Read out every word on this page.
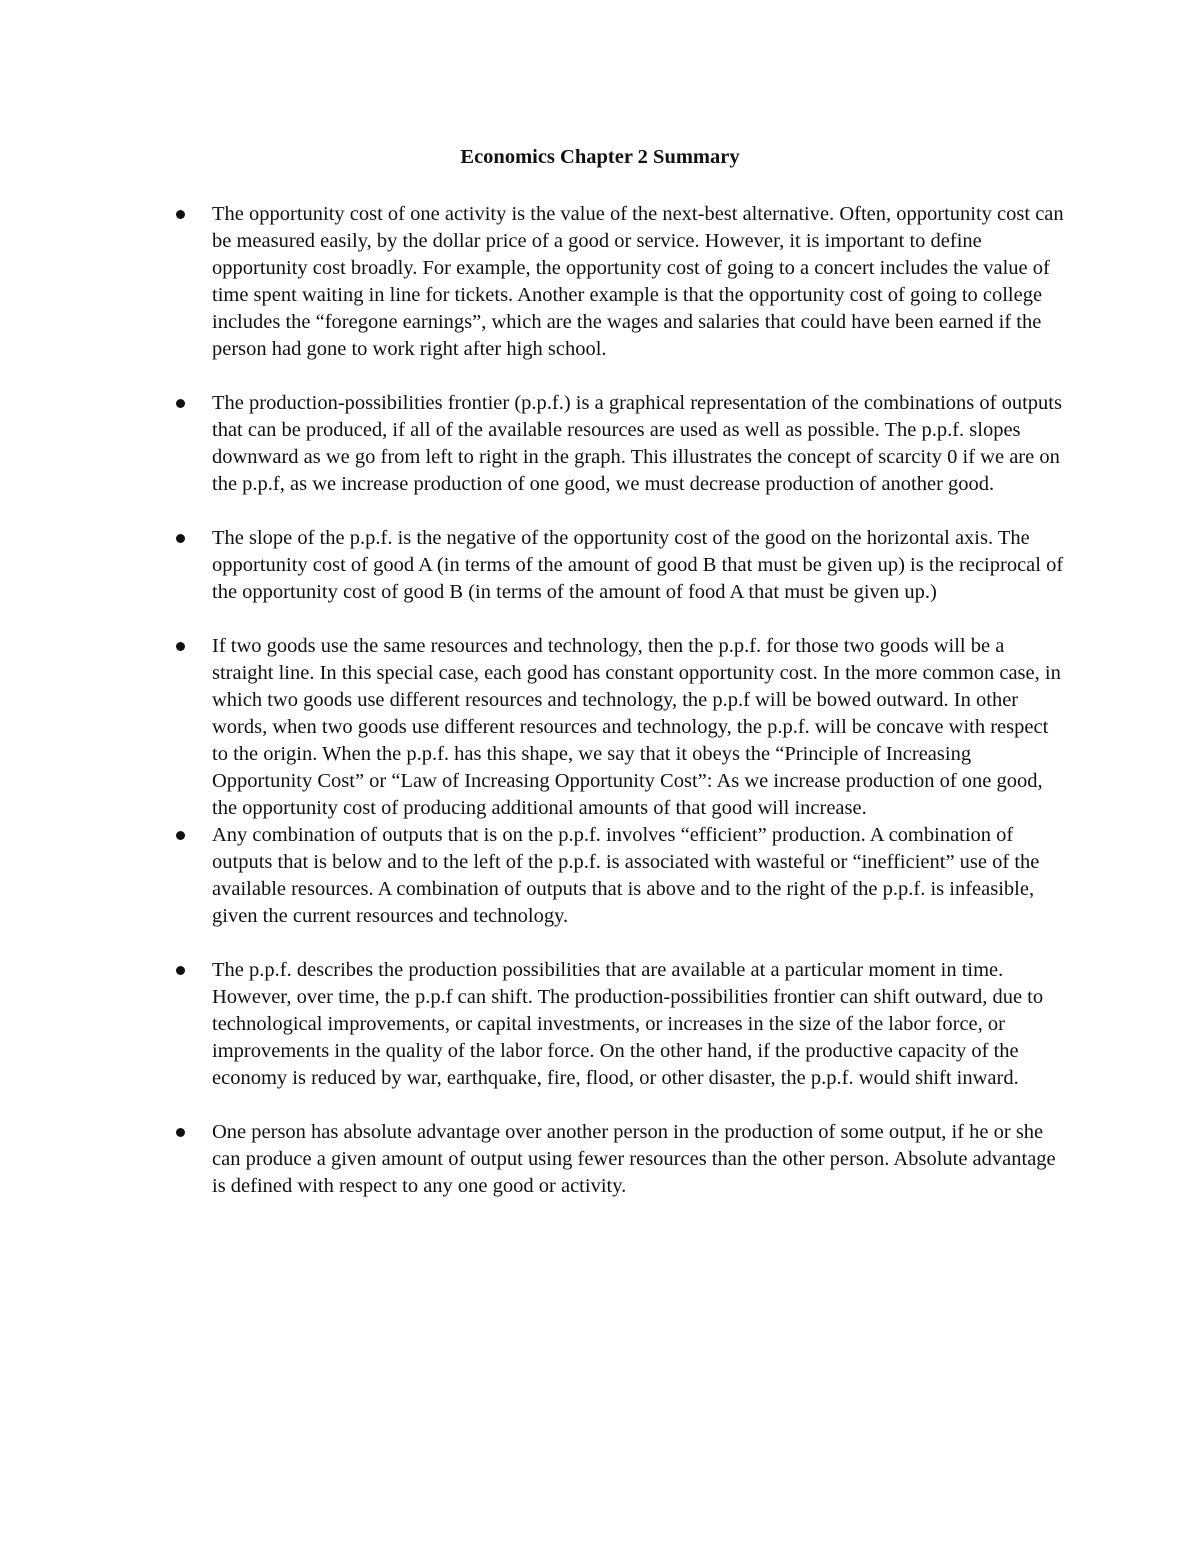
Economics Chapter 2 Summary
The opportunity cost of one activity is the value of the next-best alternative. Often, opportunity cost can be measured easily, by the dollar price of a good or service. However, it is important to define opportunity cost broadly. For example, the opportunity cost of going to a concert includes the value of time spent waiting in line for tickets. Another example is that the opportunity cost of going to college includes the “foregone earnings”, which are the wages and salaries that could have been earned if the person had gone to work right after high school.
The production-possibilities frontier (p.p.f.) is a graphical representation of the combinations of outputs that can be produced, if all of the available resources are used as well as possible. The p.p.f. slopes downward as we go from left to right in the graph. This illustrates the concept of scarcity 0 if we are on the p.p.f, as we increase production of one good, we must decrease production of another good.
The slope of the p.p.f. is the negative of the opportunity cost of the good on the horizontal axis. The opportunity cost of good A (in terms of the amount of good B that must be given up) is the reciprocal of the opportunity cost of good B (in terms of the amount of food A that must be given up.)
If two goods use the same resources and technology, then the p.p.f. for those two goods will be a straight line. In this special case, each good has constant opportunity cost. In the more common case, in which two goods use different resources and technology, the p.p.f will be bowed outward. In other words, when two goods use different resources and technology, the p.p.f. will be concave with respect to the origin. When the p.p.f. has this shape, we say that it obeys the “Principle of Increasing Opportunity Cost” or “Law of Increasing Opportunity Cost”: As we increase production of one good, the opportunity cost of producing additional amounts of that good will increase.
Any combination of outputs that is on the p.p.f. involves “efficient” production. A combination of outputs that is below and to the left of the p.p.f. is associated with wasteful or “inefficient” use of the available resources. A combination of outputs that is above and to the right of the p.p.f. is infeasible, given the current resources and technology.
The p.p.f. describes the production possibilities that are available at a particular moment in time. However, over time, the p.p.f can shift. The production-possibilities frontier can shift outward, due to technological improvements, or capital investments, or increases in the size of the labor force, or improvements in the quality of the labor force. On the other hand, if the productive capacity of the economy is reduced by war, earthquake, fire, flood, or other disaster, the p.p.f. would shift inward.
One person has absolute advantage over another person in the production of some output, if he or she can produce a given amount of output using fewer resources than the other person. Absolute advantage is defined with respect to any one good or activity.
